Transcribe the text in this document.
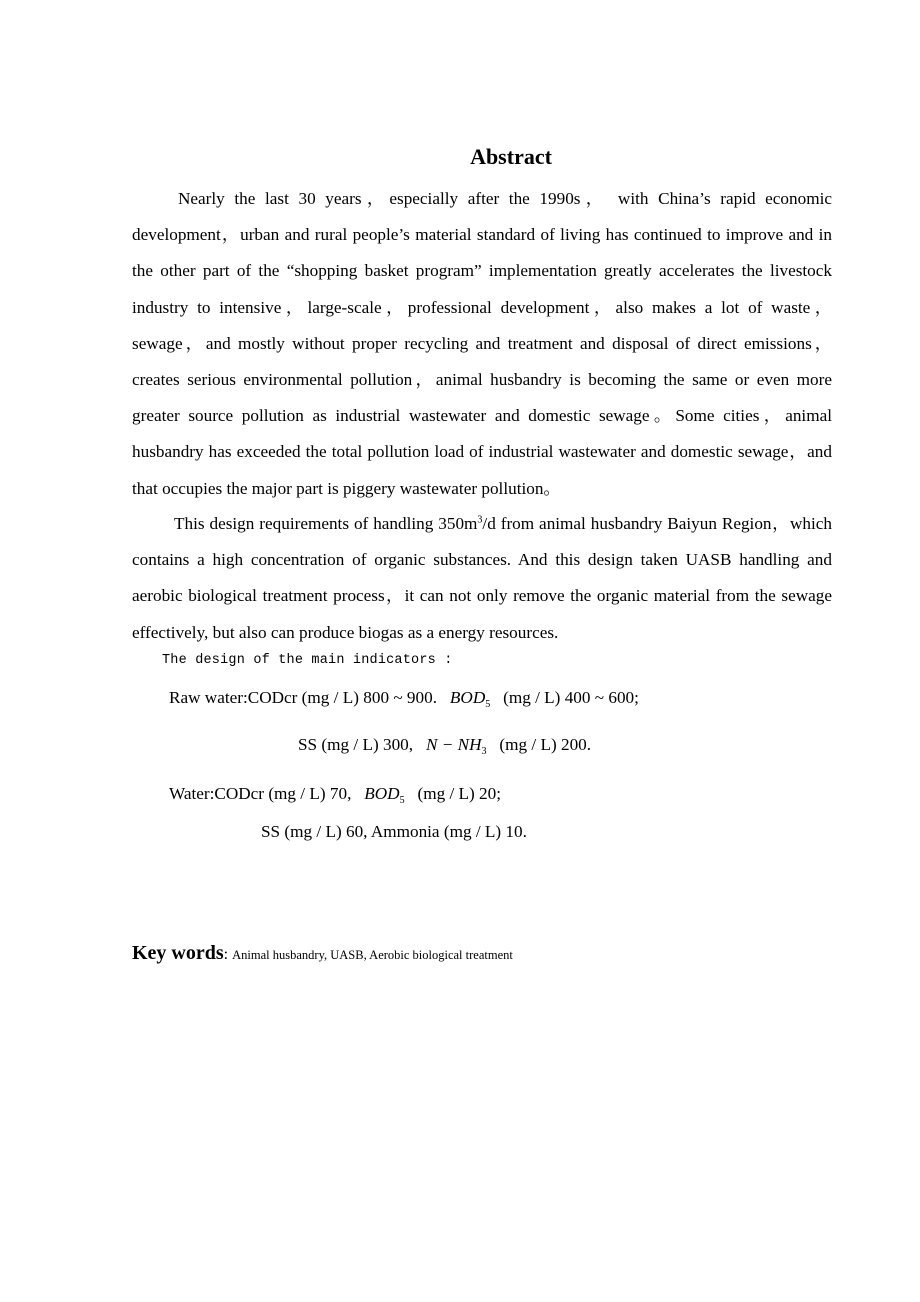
Abstract

Nearly the last 30 years，especially after the 1990s， with China’s rapid economic development，urban and rural people’s material standard of living has continued to improve and in the other part of the “shopping basket program” implementation greatly accelerates the livestock industry to intensive，large-scale，professional development，also makes a lot of waste，sewage，and mostly without proper recycling and treatment and disposal of direct emissions，creates serious environmental pollution，animal husbandry is becoming the same or even more greater source pollution as industrial wastewater and domestic sewage。Some cities，animal husbandry has exceeded the total pollution load of industrial wastewater and domestic sewage，and that occupies the major part is piggery wastewater pollution。

This design requirements of handling $350m^3/d$ from animal husbandry Baiyun Region，which contains a high concentration of organic substances. And this design taken UASB handling and aerobic biological treatment process，it can not only remove the organic material from the sewage effectively, but also can produce biogas as a energy resources.

The design of the main indicators :
Raw water:CODcr (mg / L) 800 ~ 900. $BOD_5$ (mg / L) 400 ~ 600;
SS (mg / L) 300, $N - NH_3$ (mg / L) 200.
Water:CODcr (mg / L) 70, $BOD_5$ (mg / L) 20;
SS (mg / L) 60, Ammonia (mg / L) 10.
Key words: Animal husbandry, UASB, Aerobic biological treatment
